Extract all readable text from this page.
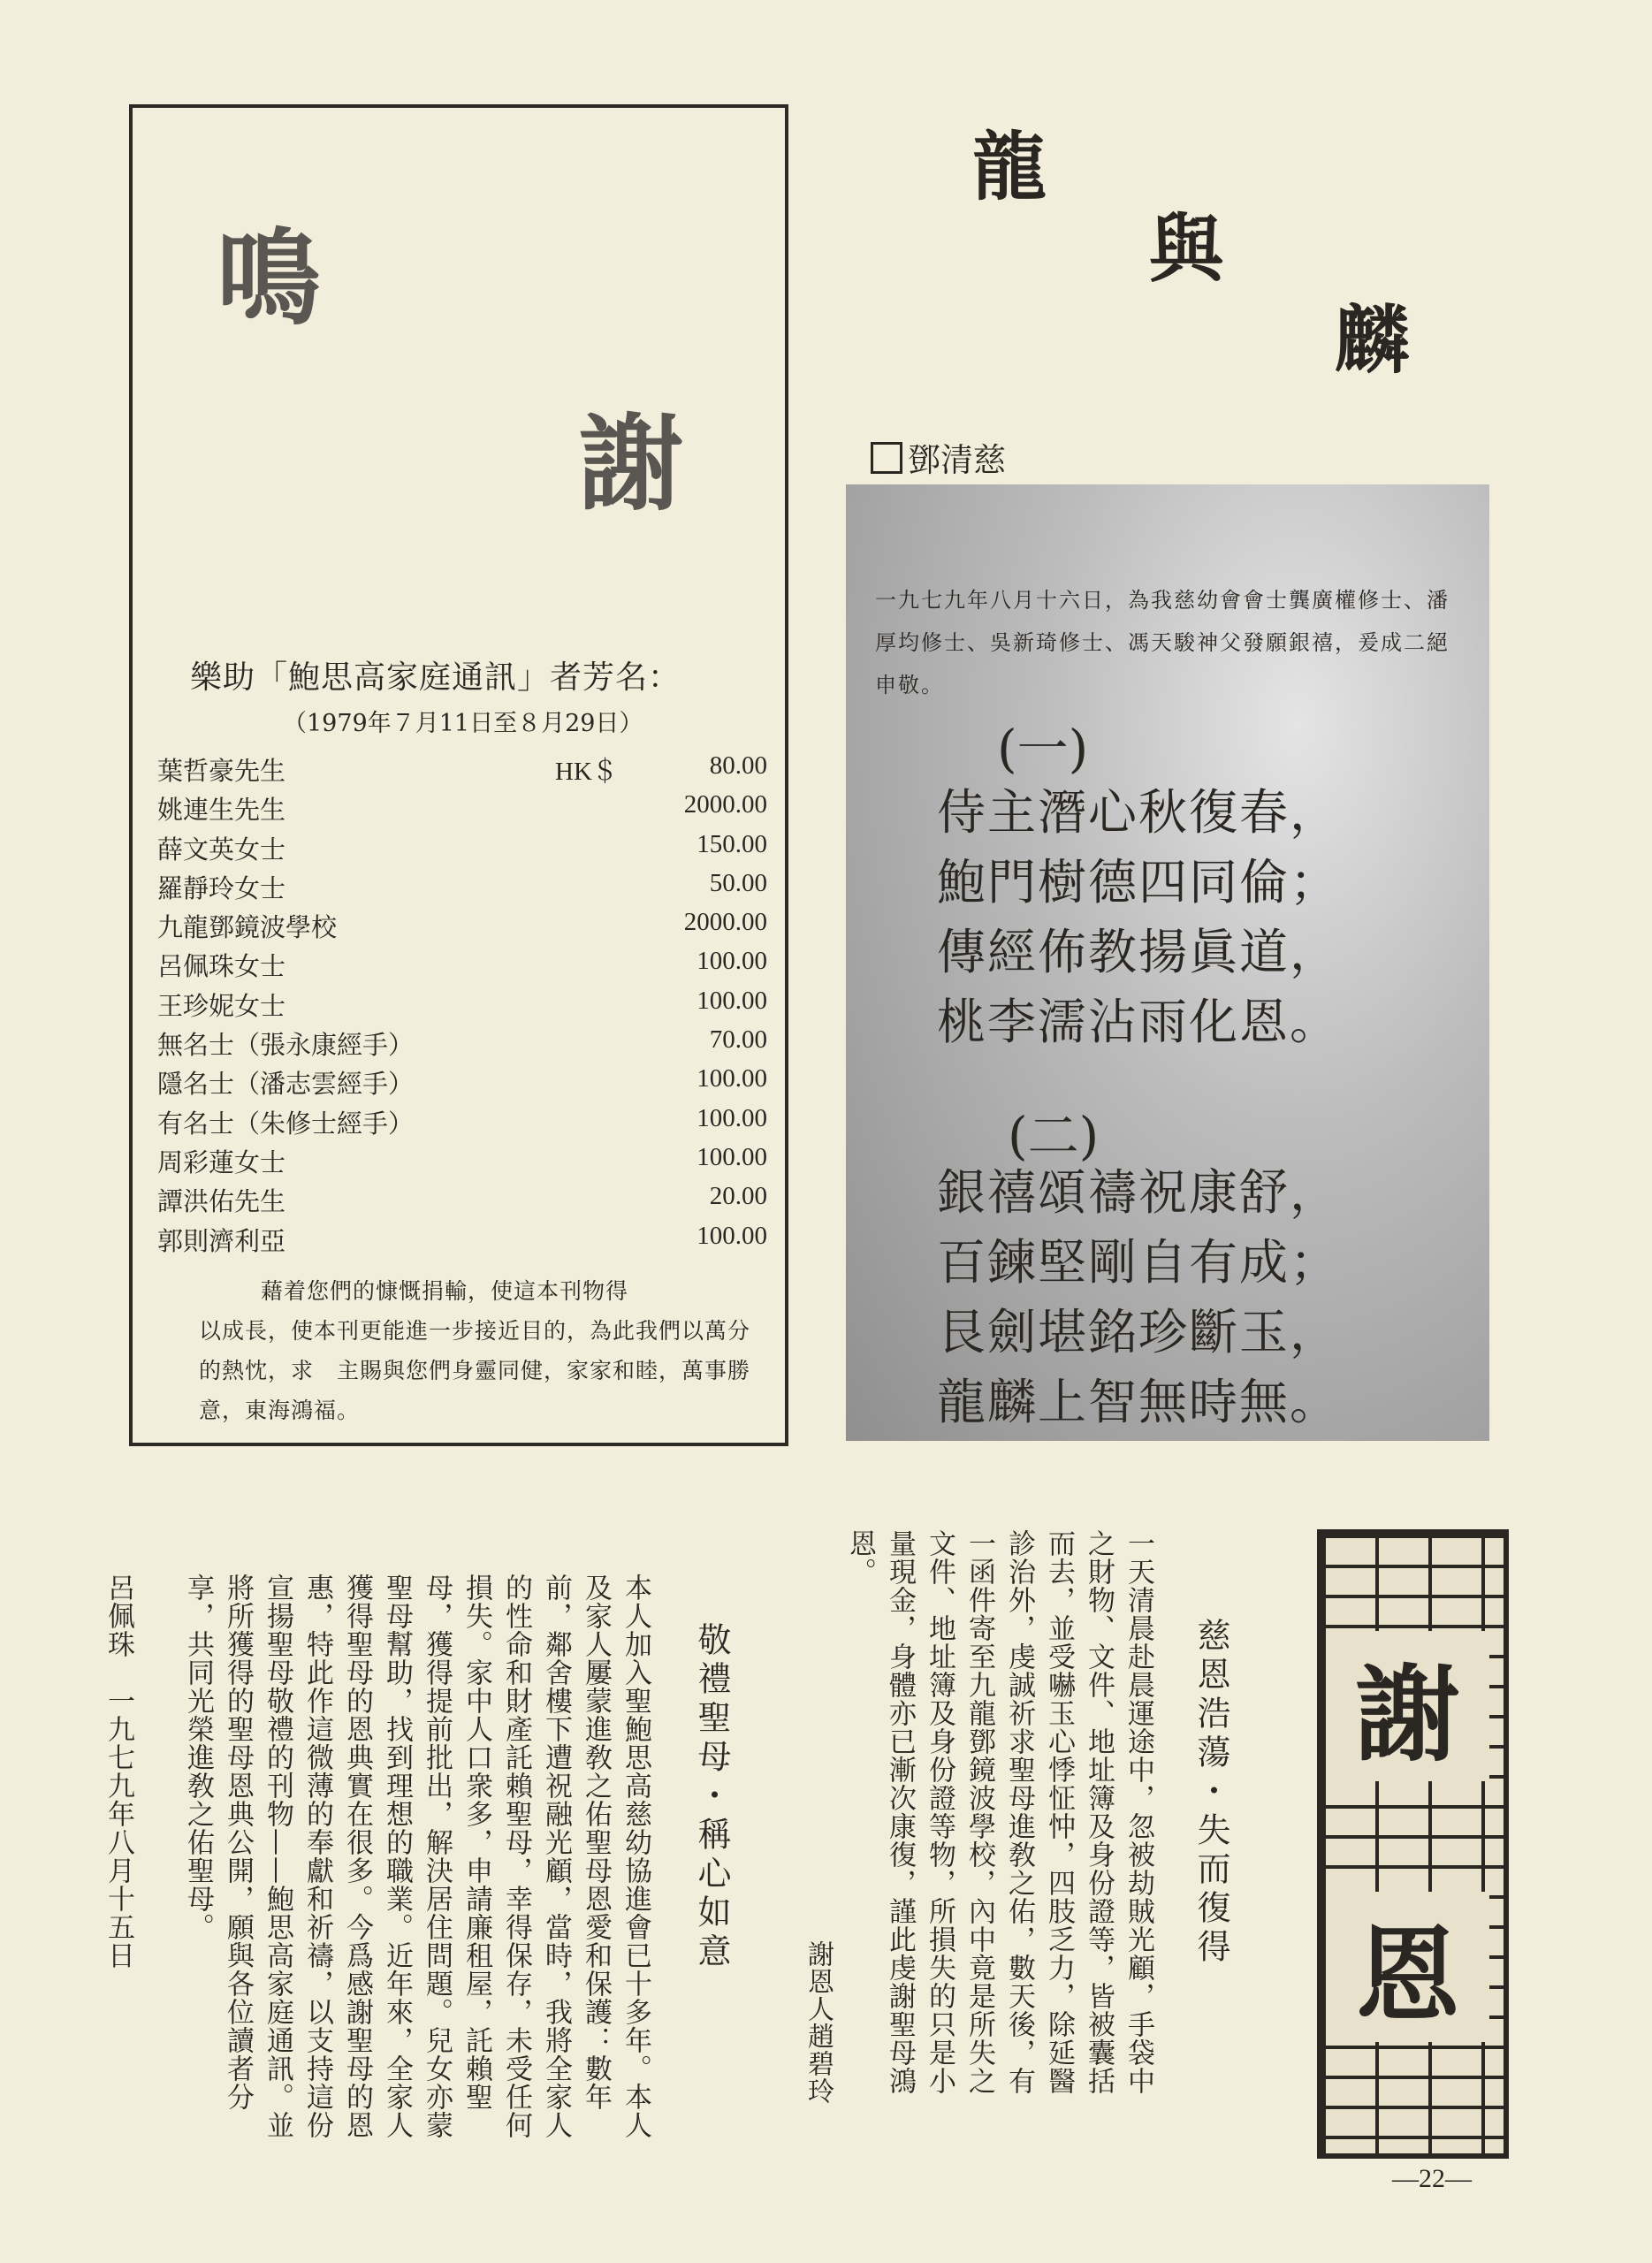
鳴
謝
樂助「鮑思高家庭通訊」者芳名：
（1979年７月11日至８月29日）
HK＄
葉哲豪先生	80.00
姚連生先生	2000.00
薛文英女士	150.00
羅靜玲女士	50.00
九龍鄧鏡波學校	2000.00
呂佩珠女士	100.00
王珍妮女士	100.00
無名士（張永康經手）	70.00
隱名士（潘志雲經手）	100.00
有名士（朱修士經手）	100.00
周彩蓮女士	100.00
譚洪佑先生	20.00
郭則濟利亞	100.00
藉着您們的慷慨捐輸，使這本刊物得
以成長，使本刊更能進一步接近目的，為此我們以萬分的熱忱，求　主賜與您們身靈同健，家家和睦，萬事勝意，東海鴻福。
龍
與
麟
鄧清慈
一九七九年八月十六日，為我慈幼會會士龔廣權修士、潘厚均修士、吳新琦修士、馮天駿神父發願銀禧，爰成二絕申敬。
(一)
侍主潛心秋復春，
鮑門樹德四同倫；
傳經佈教揚眞道，
桃李濡沾雨化恩。
(二)
銀禧頌禱祝康舒，
百鍊堅剛自有成；
艮劍堪銘珍斷玉，
龍麟上智無時無。
敬禮聖母・稱心如意
本人加入聖鮑思高慈幼協進會已十多年。本人及家人屢蒙進敎之佑聖母恩愛和保護：數年前，鄰舍樓下遭祝融光顧，當時，我將全家人的性命和財產託賴聖母，幸得保存，未受任何損失。家中人口衆多，申請廉租屋，託賴聖母，獲得提前批出，解決居住問題。兒女亦蒙聖母幫助，找到理想的職業。近年來，全家人獲得聖母的恩典實在很多。今爲感謝聖母的恩惠，特此作這微薄的奉獻和祈禱，以支持這份宣揚聖母敬禮的刊物——鮑思高家庭通訊。並將所獲得的聖母恩典公開，願與各位讀者分享，共同光榮進敎之佑聖母。

呂佩珠　一九七九年八月十五日	慈恩浩蕩・失而復得
一天清晨赴晨運途中，忽被劫賊光顧，手袋中之財物、文件、地址簿及身份證等，皆被囊括而去，並受嚇玉心悸怔忡，四肢乏力，除延醫診治外，虔誠祈求聖母進敎之佑，數天後，有一函件寄至九龍鄧鏡波學校，內中竟是所失之文件、地址簿及身份證等物，所損失的只是小量現金，身體亦已漸次康復，謹此虔謝聖母鴻恩。
謝恩人趙碧玲
謝
恩
—22—
